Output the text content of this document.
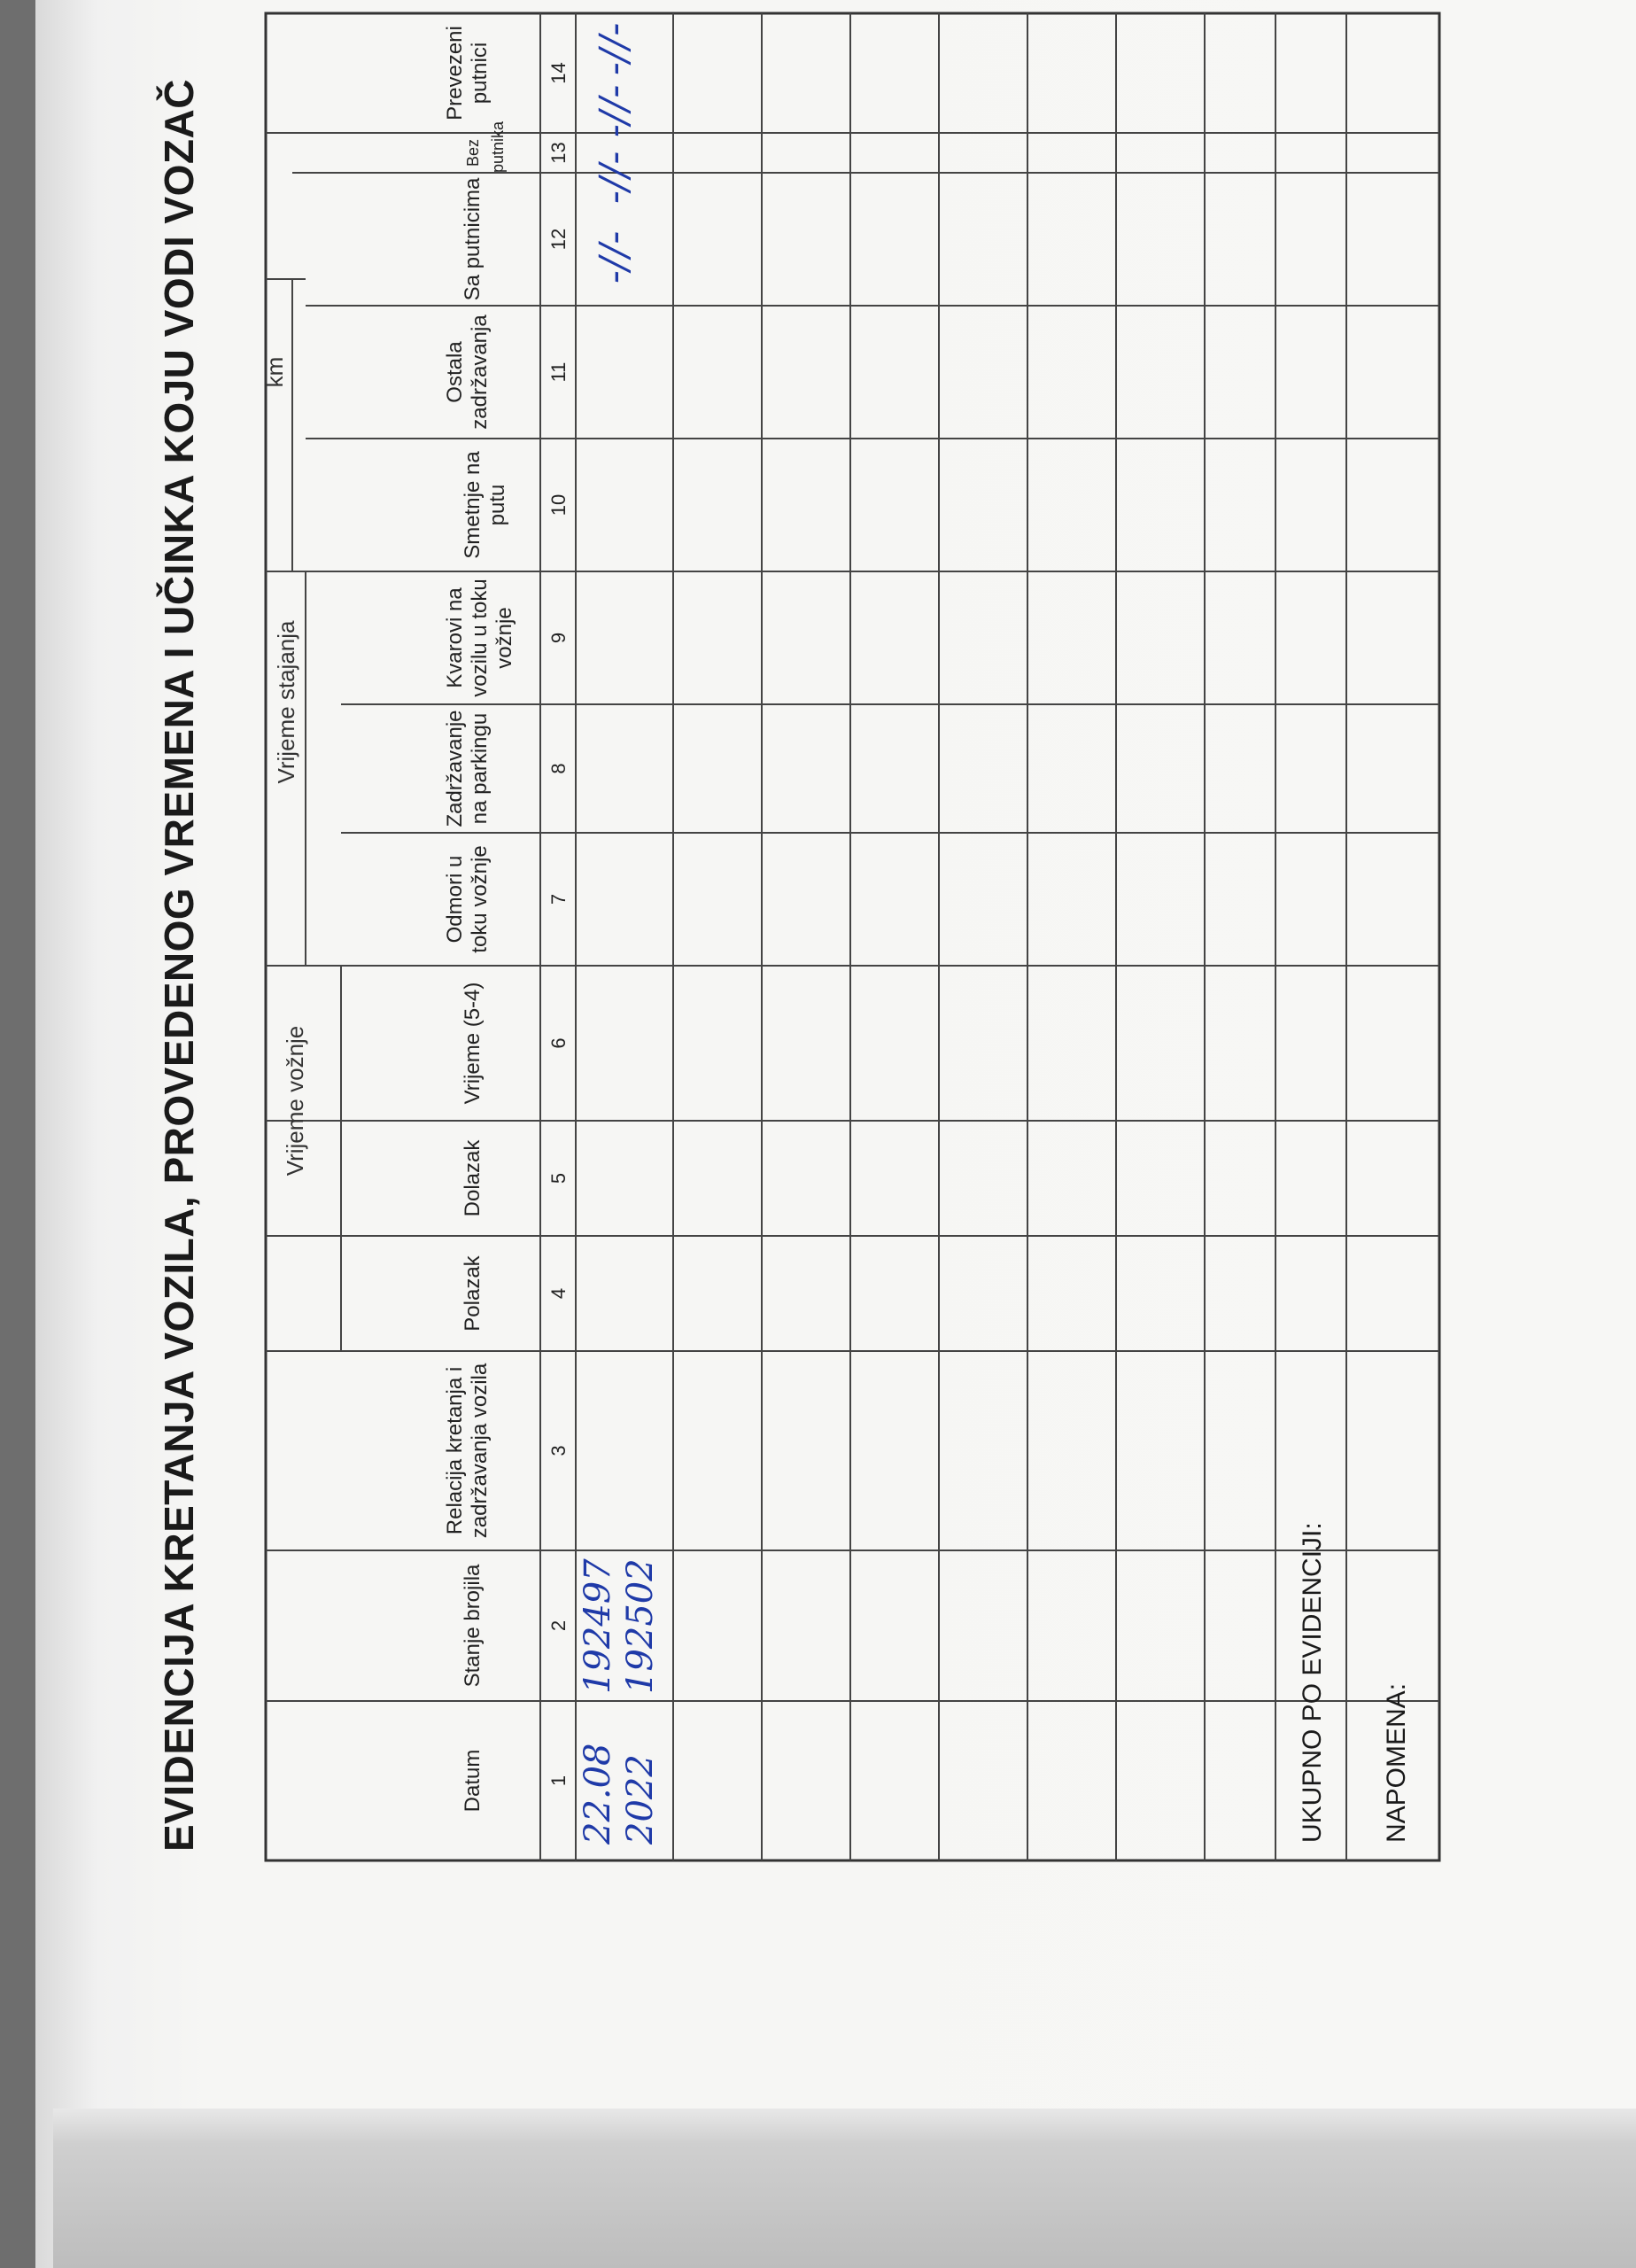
EVIDENCIJA KRETANJA VOZILA, PROVEDENOG VREMENA I UČINKA KOJU VODI VOZAČ	Vrijeme vožnje
Vrijeme stajanja
km
Datum
Stanje brojila
Relacija kretanja i zadržavanja vozila
Polazak
Dolazak
Vrijeme (5-4)
Odmori u toku vožnje
Zadržavanje na parkingu
Kvarovi na vozilu u toku vožnje
Smetnje na putu
Ostala zadržavanja
Sa putnicima
Bez putnika
Prevezeni putnici
1
2
3
4
5
6
7
8
9
10
11
12
13
14
22.08 2022
192497 192502
-//-
-//-
-//-
-//-
UKUPNO PO EVIDENCIJI: NAPOMENA:
